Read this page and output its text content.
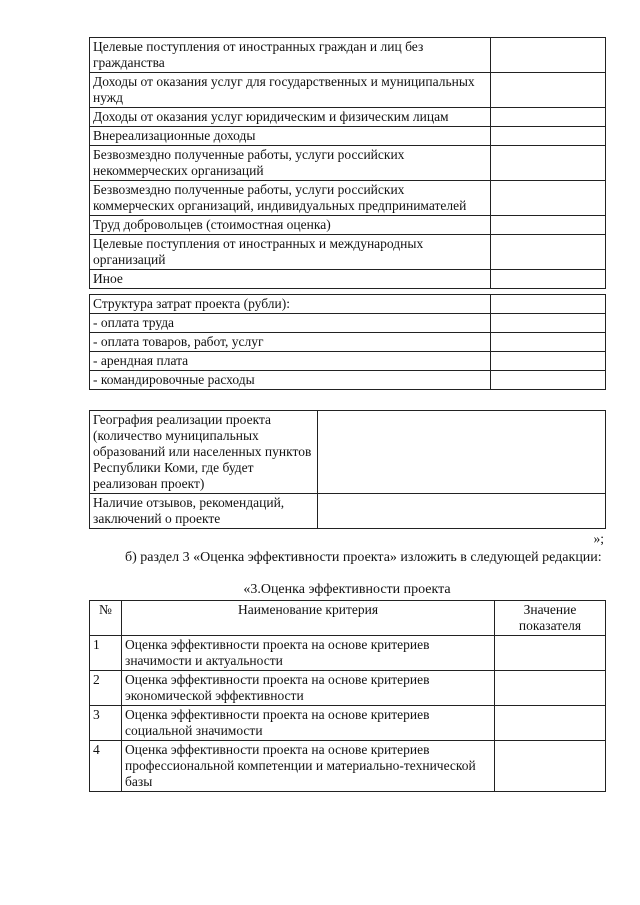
Целевые поступления от иностранных граждан и лиц без гражданства	
Доходы от оказания услуг для государственных и муниципальных нужд	
Доходы от оказания услуг юридическим и физическим лицам	
Внереализационные доходы	
Безвозмездно полученные работы, услуги российских некоммерческих организаций	
Безвозмездно полученные работы, услуги российских коммерческих организаций, индивидуальных предпринимателей	
Труд добровольцев (стоимостная оценка)	
Целевые поступления от иностранных и международных организаций	
Иное	

Структура затрат проекта (рубли):	
- оплата труда	
- оплата товаров, работ, услуг	
- арендная плата	
- командировочные расходы	
География реализации проекта (количество муниципальных образований или населенных пунктов Республики Коми, где будет реализован проект)	
Наличие отзывов, рекомендаций, заключений о проекте	

»;

б) раздел 3 «Оценка эффективности проекта» изложить в следующей редакции:

«3.Оценка эффективности проекта

№	Наименование критерия	Значение показателя
1	Оценка эффективности проекта на основе критериев значимости и актуальности	
2	Оценка эффективности проекта на основе критериев экономической эффективности	
3	Оценка эффективности проекта на основе критериев социальной значимости	
4	Оценка эффективности проекта на основе критериев профессиональной компетенции и материально-технической базы	
